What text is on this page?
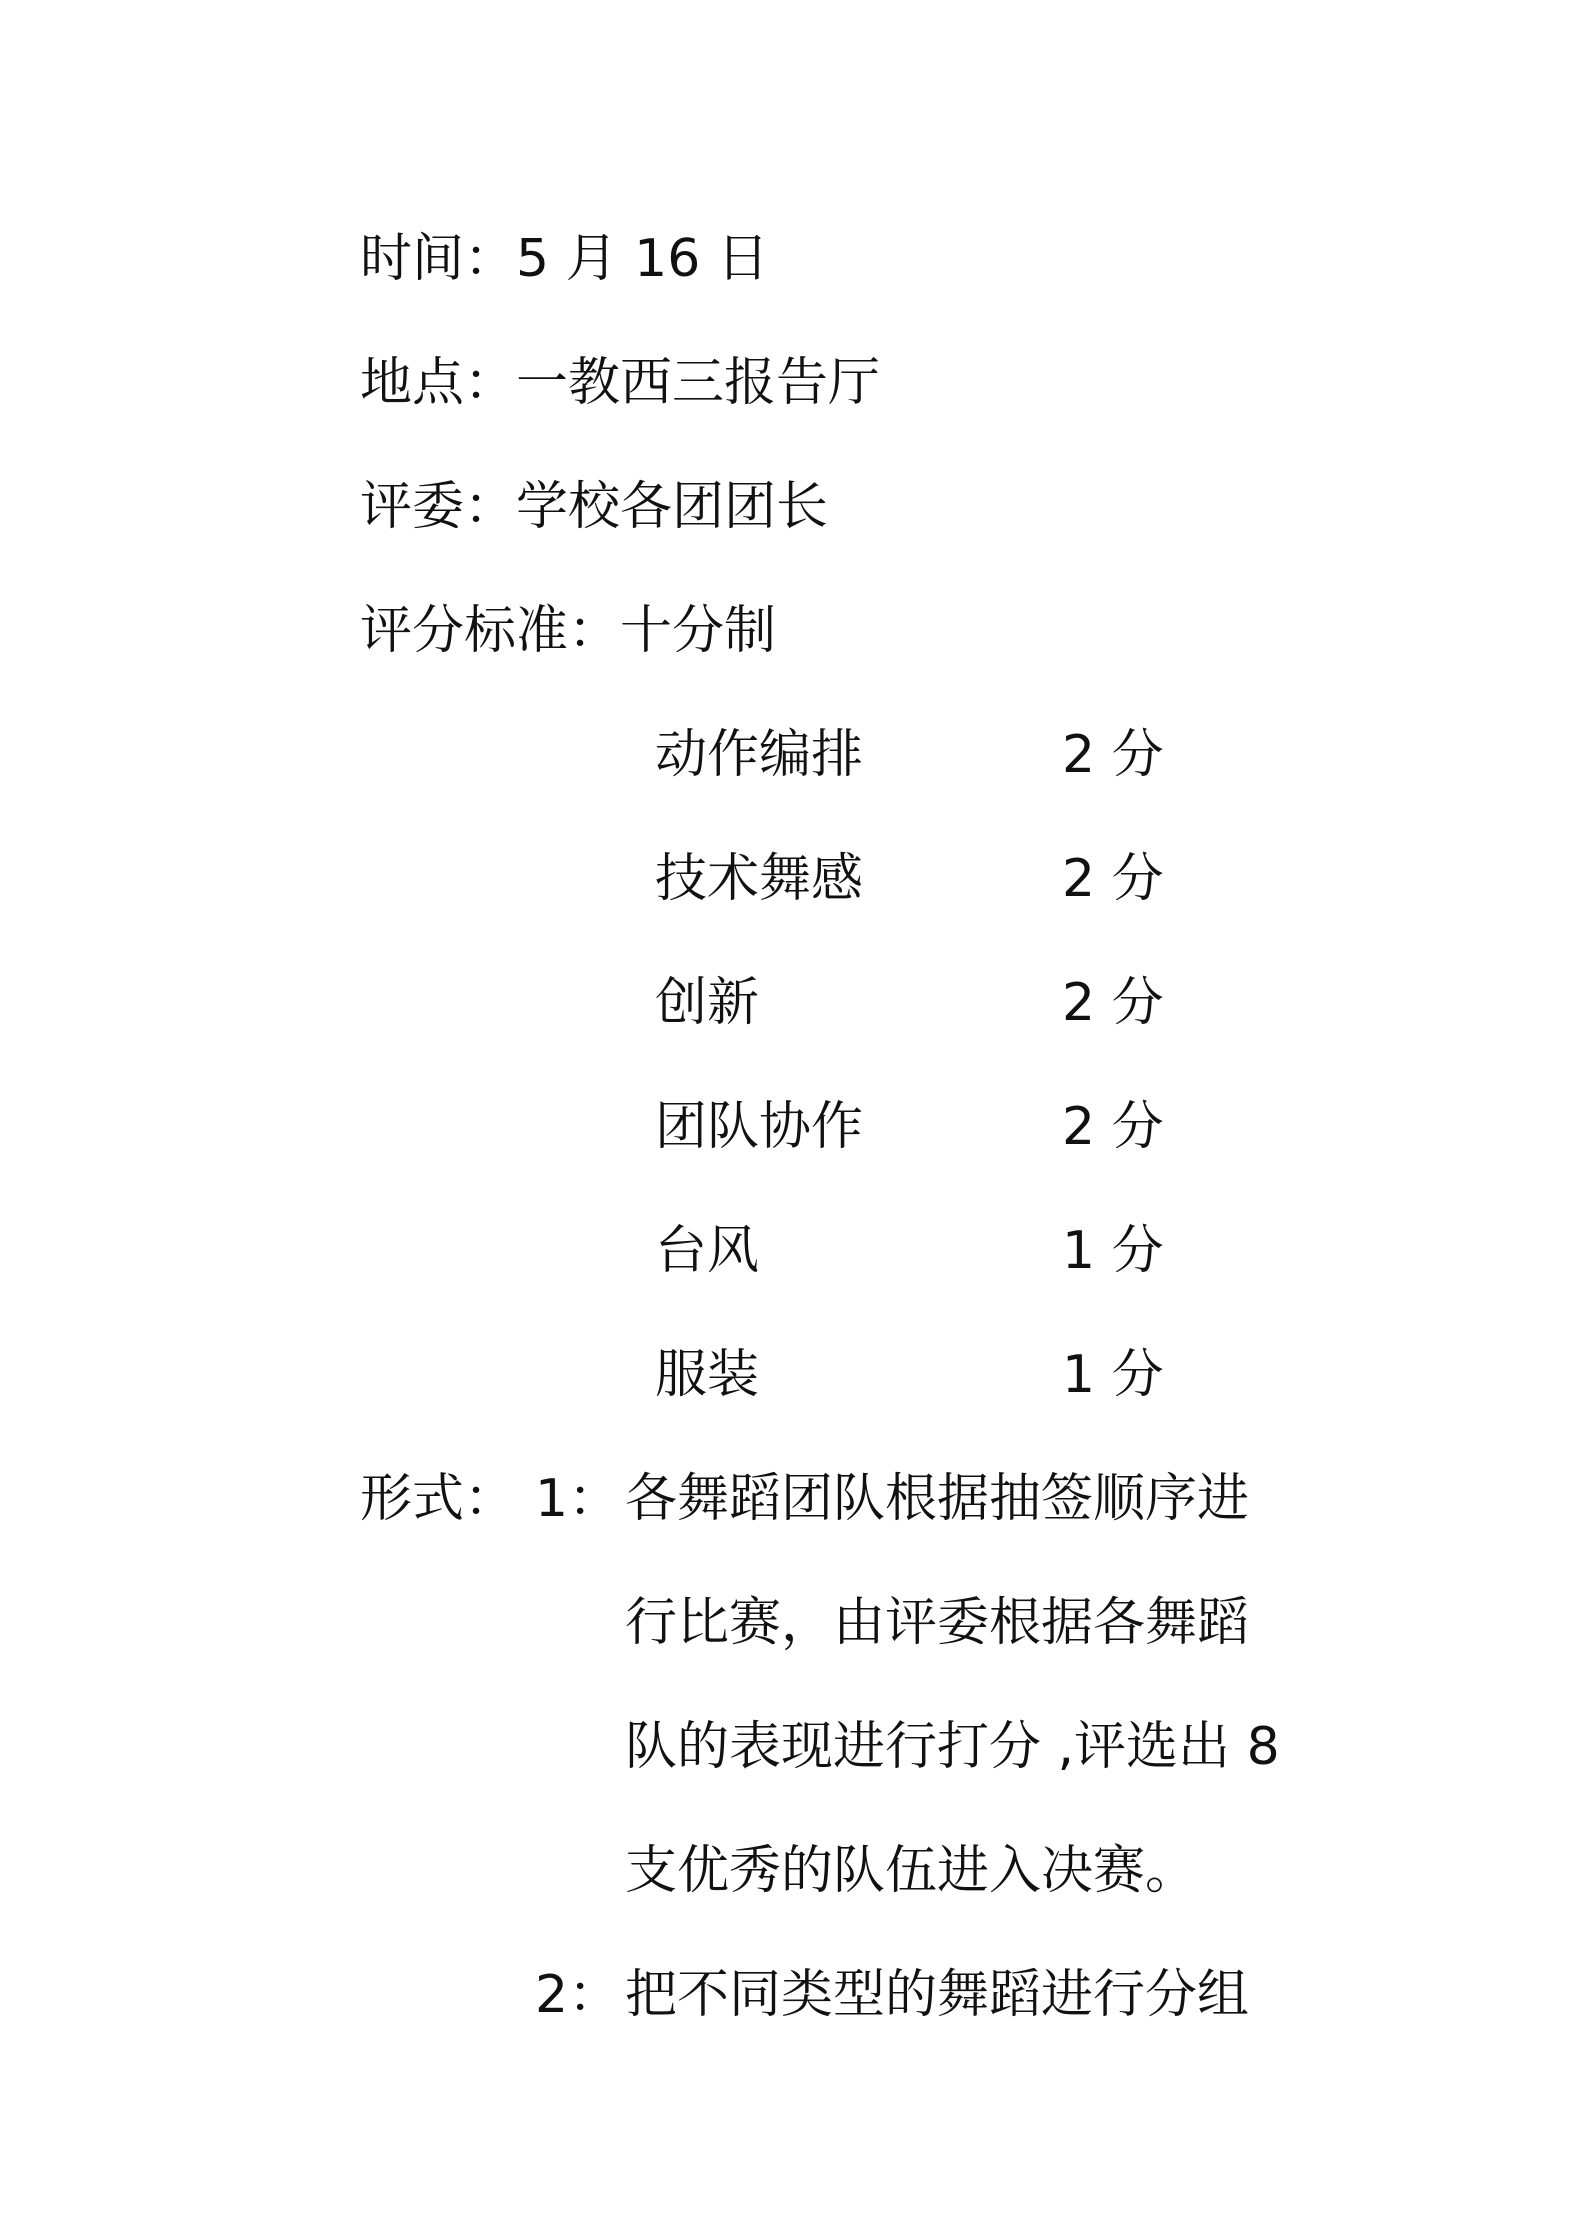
时间：5 月 16 日
地点：一教西三报告厅
评委：学校各团团长
评分标准：十分制
动作编排	2 分
技术舞感	2 分
创新	2 分
团队协作	2 分
台风	1 分
服装	1 分
形式： 1： 各舞蹈团队根据抽签顺序进
行比赛，由评委根据各舞蹈
队的表现进行打分 ,评选出 8
支优秀的队伍进入决赛。
2： 把不同类型的舞蹈进行分组
